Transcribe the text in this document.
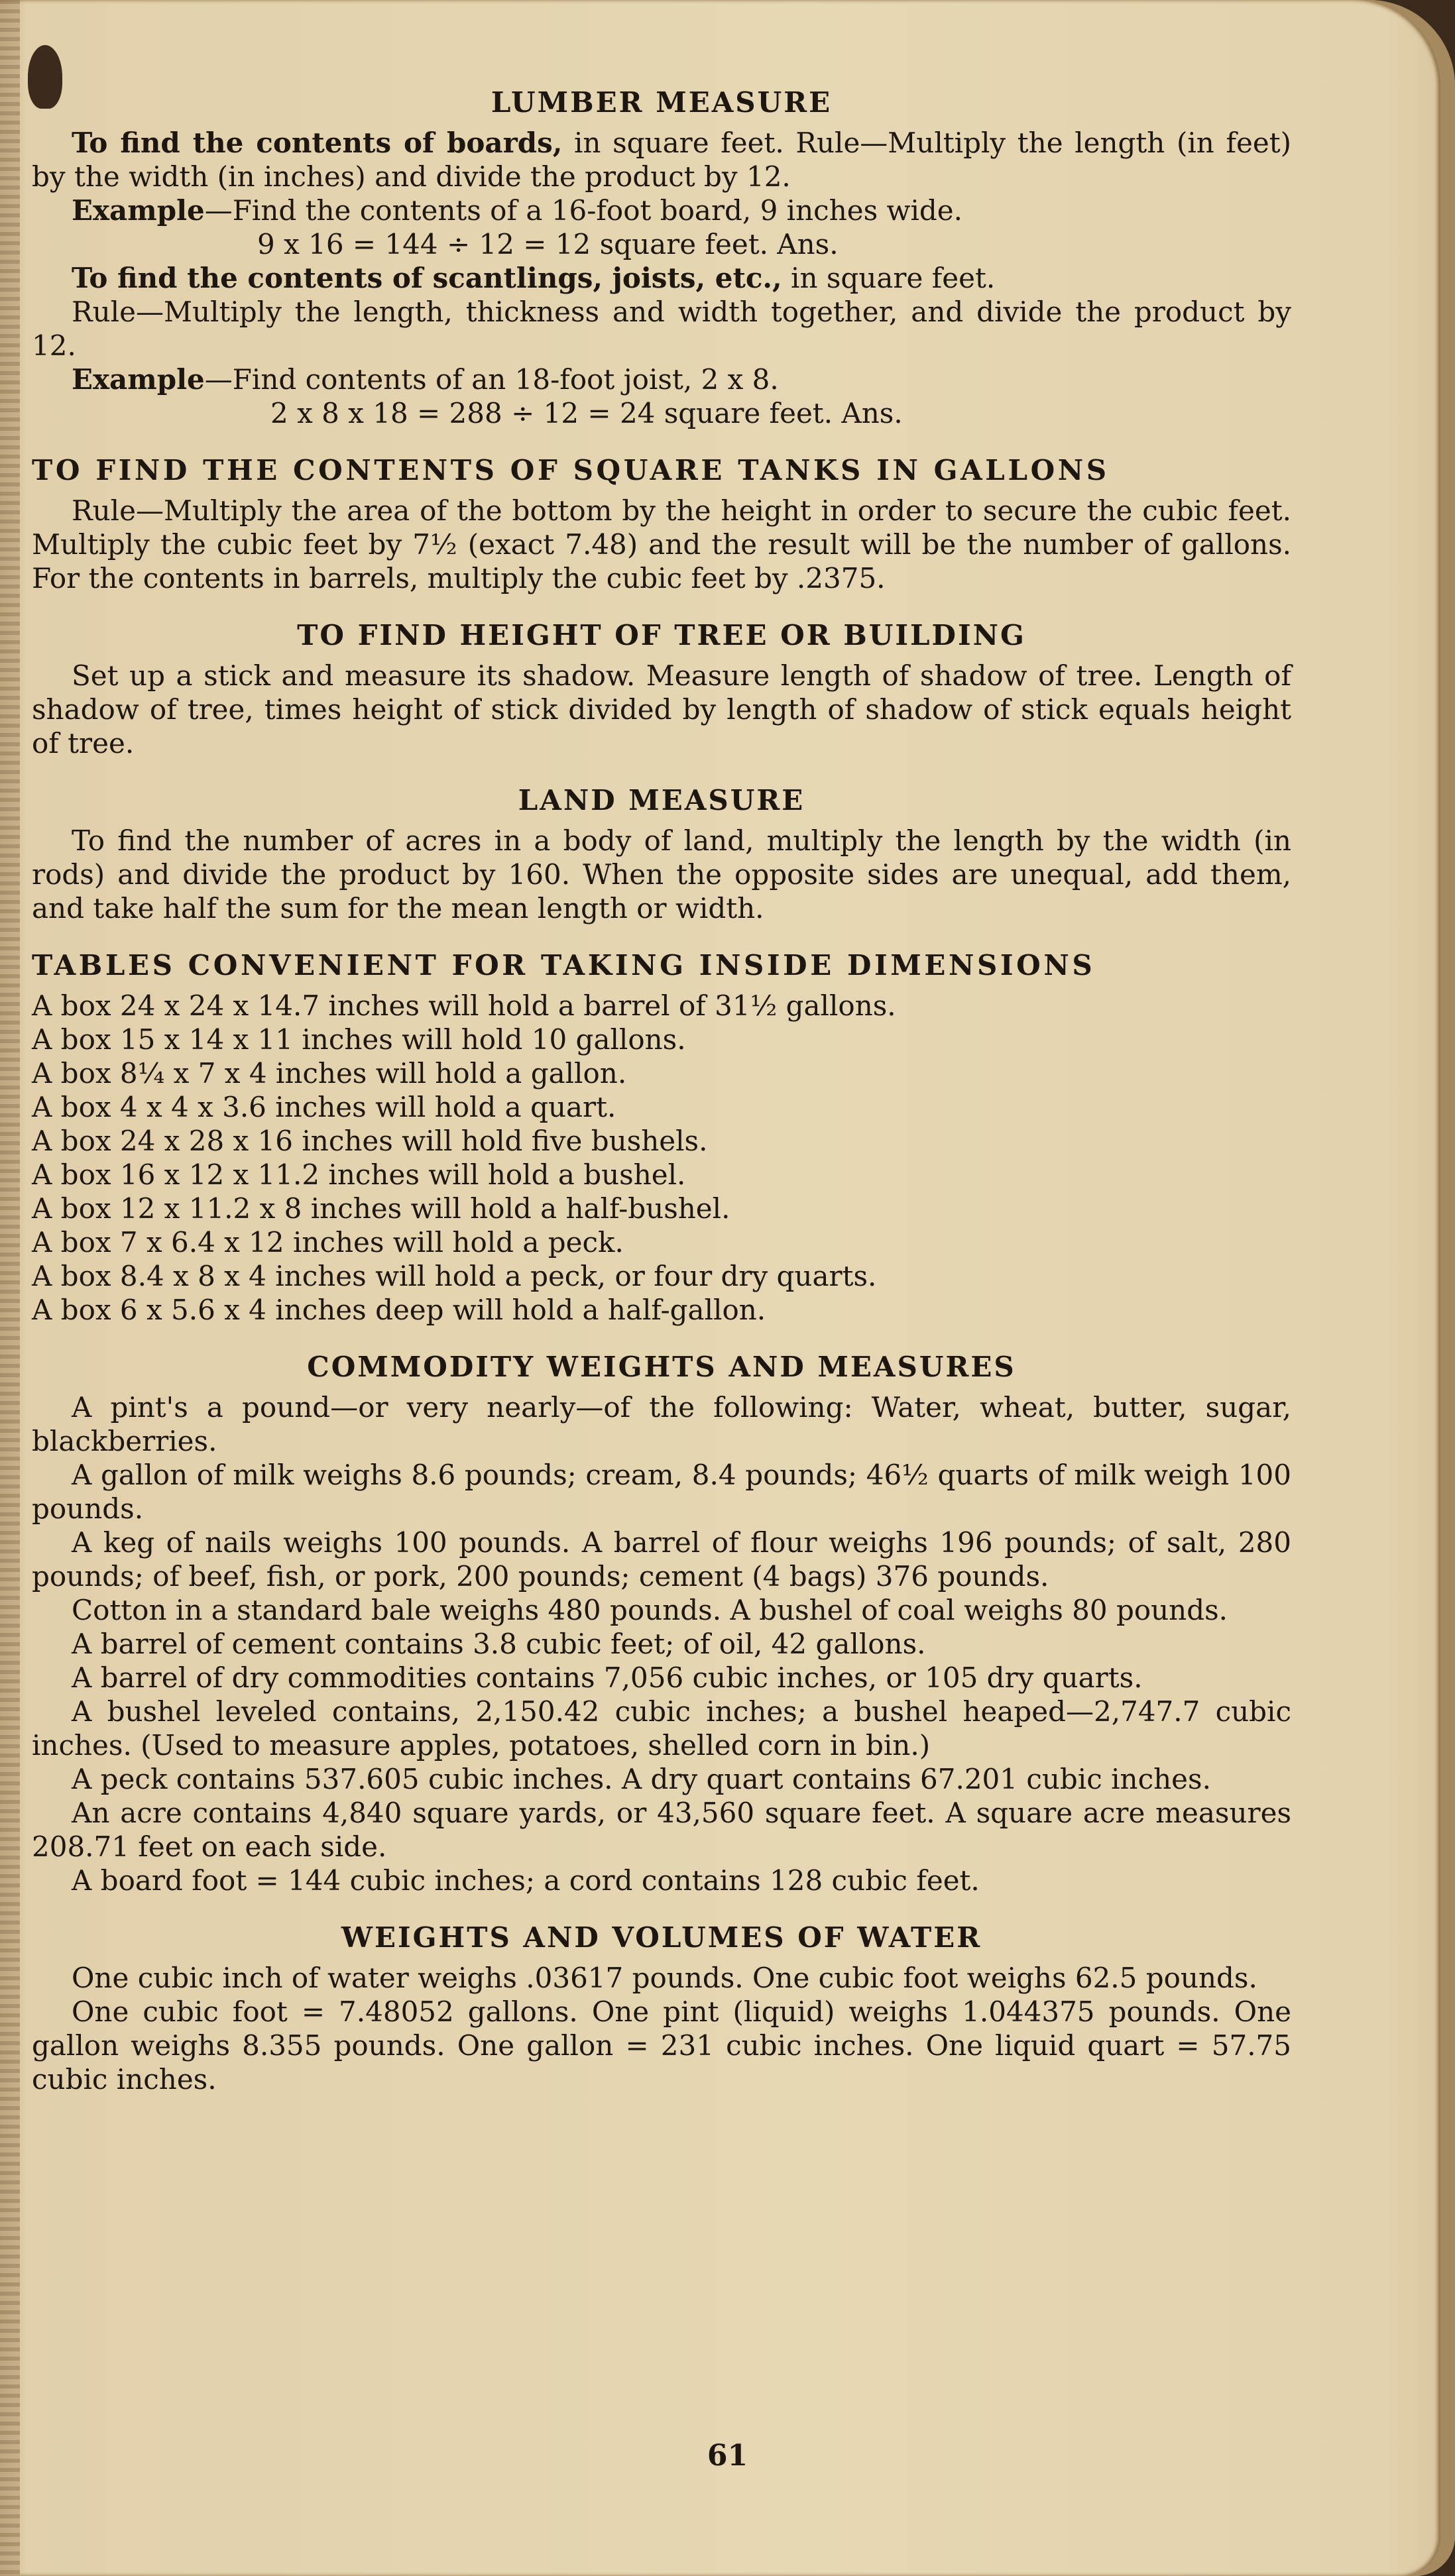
LUMBER MEASURE

To find the contents of boards, in square feet. Rule—Multiply the length (in feet) by the width (in inches) and divide the product by 12.

Example—Find the contents of a 16-foot board, 9 inches wide.
9 x 16 = 144 ÷ 12 = 12 square feet. Ans.
To find the contents of scantlings, joists, etc., in square feet.

Rule—Multiply the length, thickness and width together, and divide the product by 12.

Example—Find contents of an 18-foot joist, 2 x 8.
2 x 8 x 18 = 288 ÷ 12 = 24 square feet. Ans.
TO FIND THE CONTENTS OF SQUARE TANKS IN GALLONS

Rule—Multiply the area of the bottom by the height in order to secure the cubic feet. Multiply the cubic feet by 7½ (exact 7.48) and the result will be the number of gallons. For the contents in barrels, multiply the cubic feet by .2375.

TO FIND HEIGHT OF TREE OR BUILDING

Set up a stick and measure its shadow. Measure length of shadow of tree. Length of shadow of tree, times height of stick divided by length of shadow of stick equals height of tree.

LAND MEASURE

To find the number of acres in a body of land, multiply the length by the width (in rods) and divide the product by 160. When the opposite sides are unequal, add them, and take half the sum for the mean length or width.

TABLES CONVENIENT FOR TAKING INSIDE DIMENSIONS
A box 24 x 24 x 14.7 inches will hold a barrel of 31½ gallons.
A box 15 x 14 x 11 inches will hold 10 gallons.
A box 8¼ x 7 x 4 inches will hold a gallon.
A box 4 x 4 x 3.6 inches will hold a quart.
A box 24 x 28 x 16 inches will hold five bushels.
A box 16 x 12 x 11.2 inches will hold a bushel.
A box 12 x 11.2 x 8 inches will hold a half-bushel.
A box 7 x 6.4 x 12 inches will hold a peck.
A box 8.4 x 8 x 4 inches will hold a peck, or four dry quarts.
A box 6 x 5.6 x 4 inches deep will hold a half-gallon.
COMMODITY WEIGHTS AND MEASURES

A pint's a pound—or very nearly—of the following: Water, wheat, butter, sugar, blackberries.

A gallon of milk weighs 8.6 pounds; cream, 8.4 pounds; 46½ quarts of milk weigh 100 pounds.

A keg of nails weighs 100 pounds. A barrel of flour weighs 196 pounds; of salt, 280 pounds; of beef, fish, or pork, 200 pounds; cement (4 bags) 376 pounds.

Cotton in a standard bale weighs 480 pounds. A bushel of coal weighs 80 pounds.

A barrel of cement contains 3.8 cubic feet; of oil, 42 gallons.

A barrel of dry commodities contains 7,056 cubic inches, or 105 dry quarts.

A bushel leveled contains, 2,150.42 cubic inches; a bushel heaped—2,747.7 cubic inches. (Used to measure apples, potatoes, shelled corn in bin.)

A peck contains 537.605 cubic inches. A dry quart contains 67.201 cubic inches.

An acre contains 4,840 square yards, or 43,560 square feet. A square acre measures 208.71 feet on each side.

A board foot = 144 cubic inches; a cord contains 128 cubic feet.

WEIGHTS AND VOLUMES OF WATER

One cubic inch of water weighs .03617 pounds. One cubic foot weighs 62.5 pounds.

One cubic foot = 7.48052 gallons. One pint (liquid) weighs 1.044375 pounds. One gallon weighs 8.355 pounds. One gallon = 231 cubic inches. One liquid quart = 57.75 cubic inches.

61
